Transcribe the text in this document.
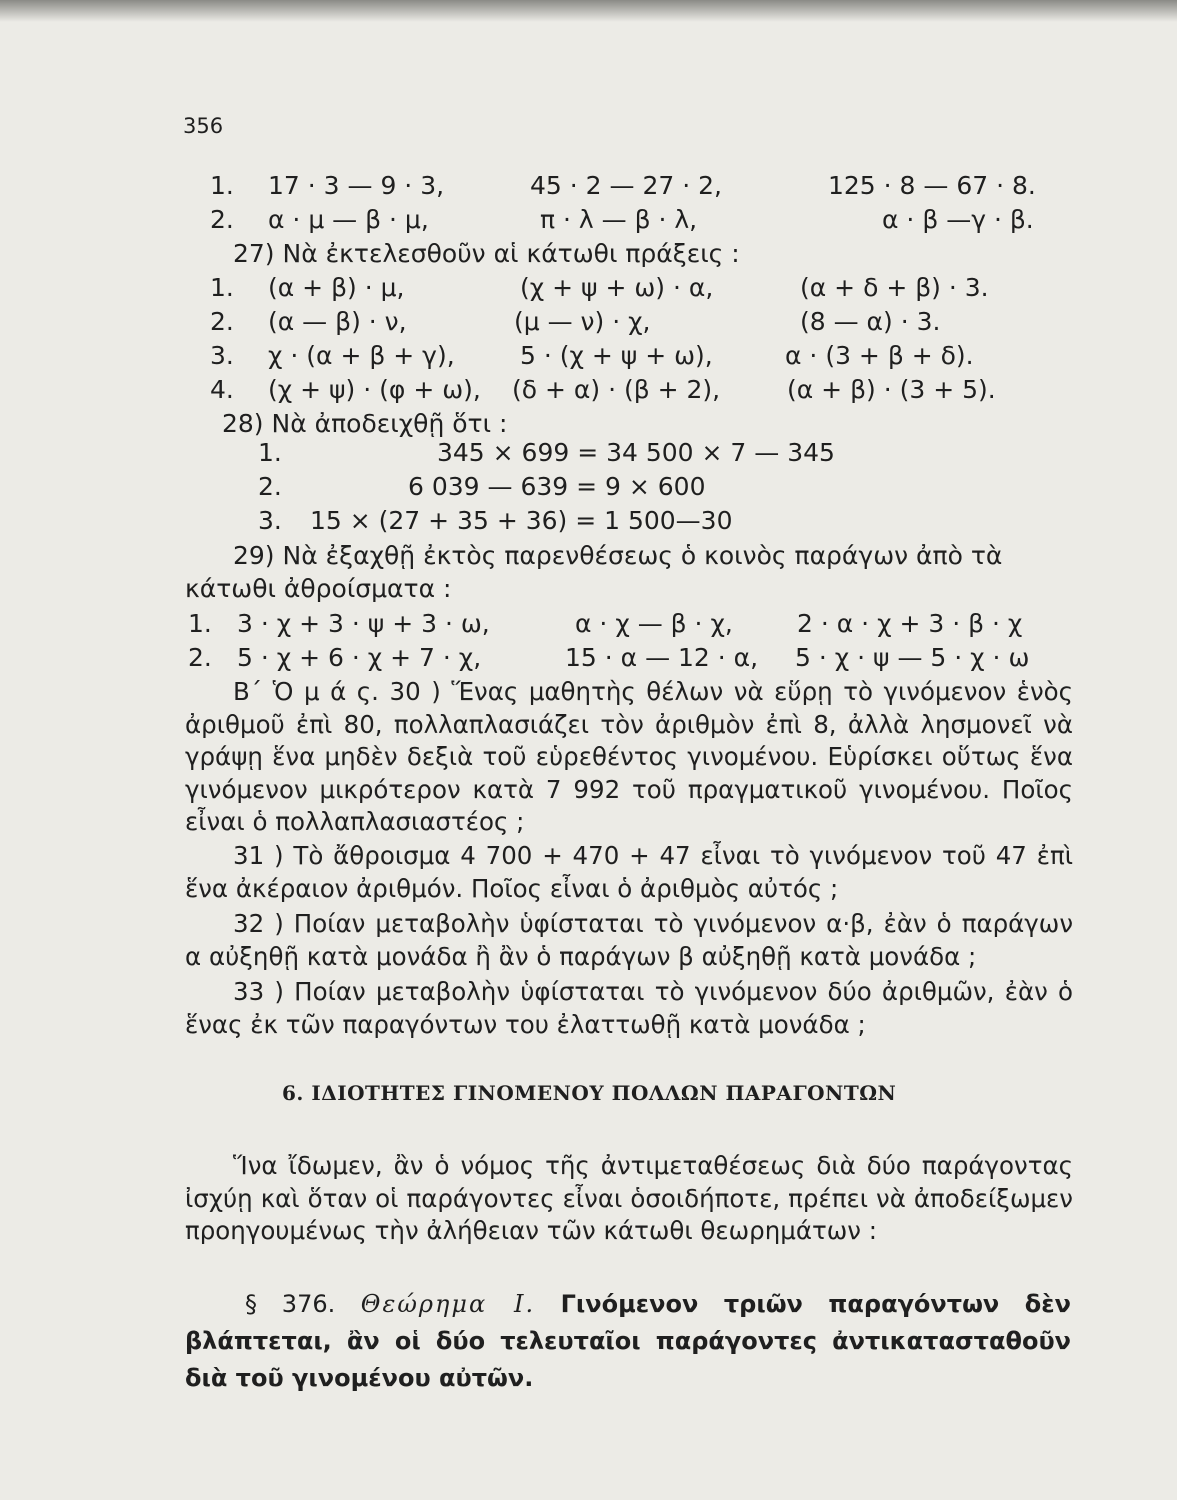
356
1. 17 · 3 — 9 · 3,	45 · 2 — 27 · 2,	125 · 8 — 67 · 8.
2. α · μ — β · μ,	π · λ — β · λ,	α · β —γ · β.
27) Νὰ ἐκτελεσθοῦν αἱ κάτωθι πράξεις :
1. (α + β) · μ,	(χ + ψ + ω) · α,	(α + δ + β) · 3.
2. (α — β) · ν,	(μ — ν) · χ,	(8 — α) · 3.
3. χ · (α + β + γ),	5 · (χ + ψ + ω),	α · (3 + β + δ).
4. (χ + ψ) · (φ + ω), (δ + α) · (β + 2),	(α + β) · (3 + 5).
28) Νὰ ἀποδειχθῇ ὅτι :
1.	345 × 699 = 34 500 × 7 — 345
2.	6 039 — 639 = 9 × 600
3. 15 × (27 + 35 + 36) = 1 500—30
29) Νὰ ἐξαχθῇ ἐκτὸς παρενθέσεως ὁ κοινὸς παράγων ἀπὸ τὰ
κάτωθι ἀθροίσματα :
1. 3 · χ + 3 · ψ + 3 · ω,	α · χ — β · χ,	2 · α · χ + 3 · β · χ
2. 5 · χ + 6 · χ + 7 · χ,	15 · α — 12 · α, 5 · χ · ψ — 5 · χ · ω
Β΄ Ὁ μ ά ς. 30 ) Ἕνας μαθητὴς θέλων νὰ εὕρῃ τὸ γινόμενον ἑνὸς ἀριθμοῦ ἐπὶ 80, πολλαπλασιάζει τὸν ἀριθμὸν ἐπὶ 8, ἀλλὰ λησμονεῖ νὰ γράψῃ ἕνα μηδὲν δεξιὰ τοῦ εὑρεθέντος γινομένου. Εὑρίσκει οὕτως ἕνα γινόμενον μικρότερον κατὰ 7 992 τοῦ πραγματικοῦ γινομένου. Ποῖος εἶναι ὁ πολλαπλασιαστέος ;
31 ) Τὸ ἄθροισμα 4 700 + 470 + 47 εἶναι τὸ γινόμενον τοῦ 47 ἐπὶ ἕνα ἀκέραιον ἀριθμόν. Ποῖος εἶναι ὁ ἀριθμὸς αὐτός ;
32 ) Ποίαν μεταβολὴν ὑφίσταται τὸ γινόμενον α·β, ἐὰν ὁ παράγων α αὐξηθῇ κατὰ μονάδα ἢ ἂν ὁ παράγων β αὐξηθῇ κατὰ μονάδα ;
33 ) Ποίαν μεταβολὴν ὑφίσταται τὸ γινόμενον δύο ἀριθμῶν, ἐὰν ὁ ἕνας ἐκ τῶν παραγόντων του ἐλαττωθῇ κατὰ μονάδα ;
6. ΙΔΙΟΤΗΤΕΣ ΓΙΝΟΜΕΝΟΥ ΠΟΛΛΩΝ ΠΑΡΑΓΟΝΤΩΝ
Ἵνα ἴδωμεν, ἂν ὁ νόμος τῆς ἀντιμεταθέσεως διὰ δύο παράγοντας ἰσχύῃ καὶ ὅταν οἱ παράγοντες εἶναι ὁσοιδήποτε, πρέπει νὰ ἀποδείξωμεν προηγουμένως τὴν ἀλήθειαν τῶν κάτωθι θεωρημάτων :
§ 376. Θεώρημα I. Γινόμενον τριῶν παραγόντων δὲν βλάπτεται, ἂν οἱ δύο τελευταῖοι παράγοντες ἀντικατασταθοῦν διὰ τοῦ γινομένου αὐτῶν.
